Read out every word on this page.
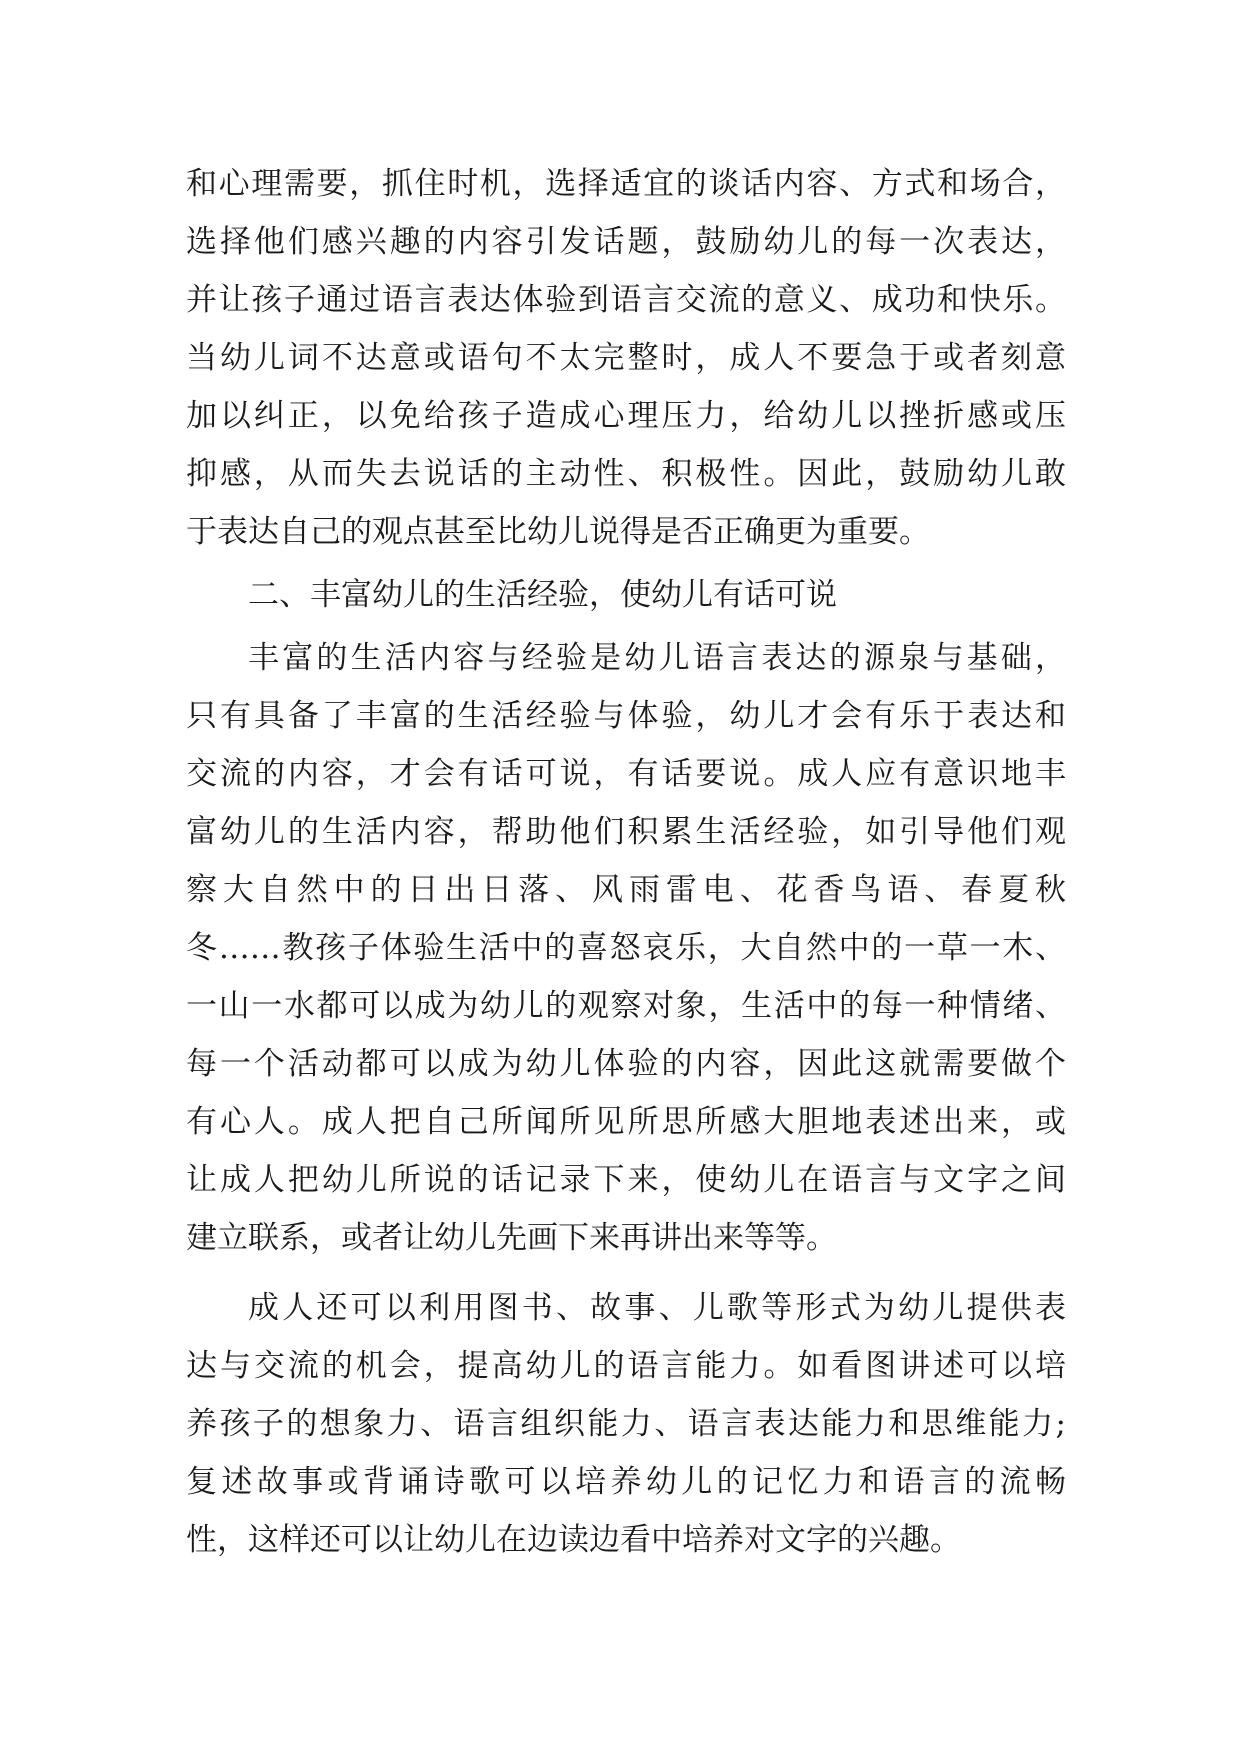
和心理需要，抓住时机，选择适宜的谈话内容、方式和场合，
选择他们感兴趣的内容引发话题，鼓励幼儿的每一次表达，
并让孩子通过语言表达体验到语言交流的意义、成功和快乐。
当幼儿词不达意或语句不太完整时，成人不要急于或者刻意
加以纠正，以免给孩子造成心理压力，给幼儿以挫折感或压
抑感，从而失去说话的主动性、积极性。因此，鼓励幼儿敢
于表达自己的观点甚至比幼儿说得是否正确更为重要。
二、丰富幼儿的生活经验，使幼儿有话可说
丰富的生活内容与经验是幼儿语言表达的源泉与基础，
只有具备了丰富的生活经验与体验，幼儿才会有乐于表达和
交流的内容，才会有话可说，有话要说。成人应有意识地丰
富幼儿的生活内容，帮助他们积累生活经验，如引导他们观
察大自然中的日出日落、风雨雷电、花香鸟语、春夏秋
冬……教孩子体验生活中的喜怒哀乐，大自然中的一草一木、
一山一水都可以成为幼儿的观察对象，生活中的每一种情绪、
每一个活动都可以成为幼儿体验的内容，因此这就需要做个
有心人。成人把自己所闻所见所思所感大胆地表述出来，或
让成人把幼儿所说的话记录下来，使幼儿在语言与文字之间
建立联系，或者让幼儿先画下来再讲出来等等。
成人还可以利用图书、故事、儿歌等形式为幼儿提供表
达与交流的机会，提高幼儿的语言能力。如看图讲述可以培
养孩子的想象力、语言组织能力、语言表达能力和思维能力;
复述故事或背诵诗歌可以培养幼儿的记忆力和语言的流畅
性，这样还可以让幼儿在边读边看中培养对文字的兴趣。
